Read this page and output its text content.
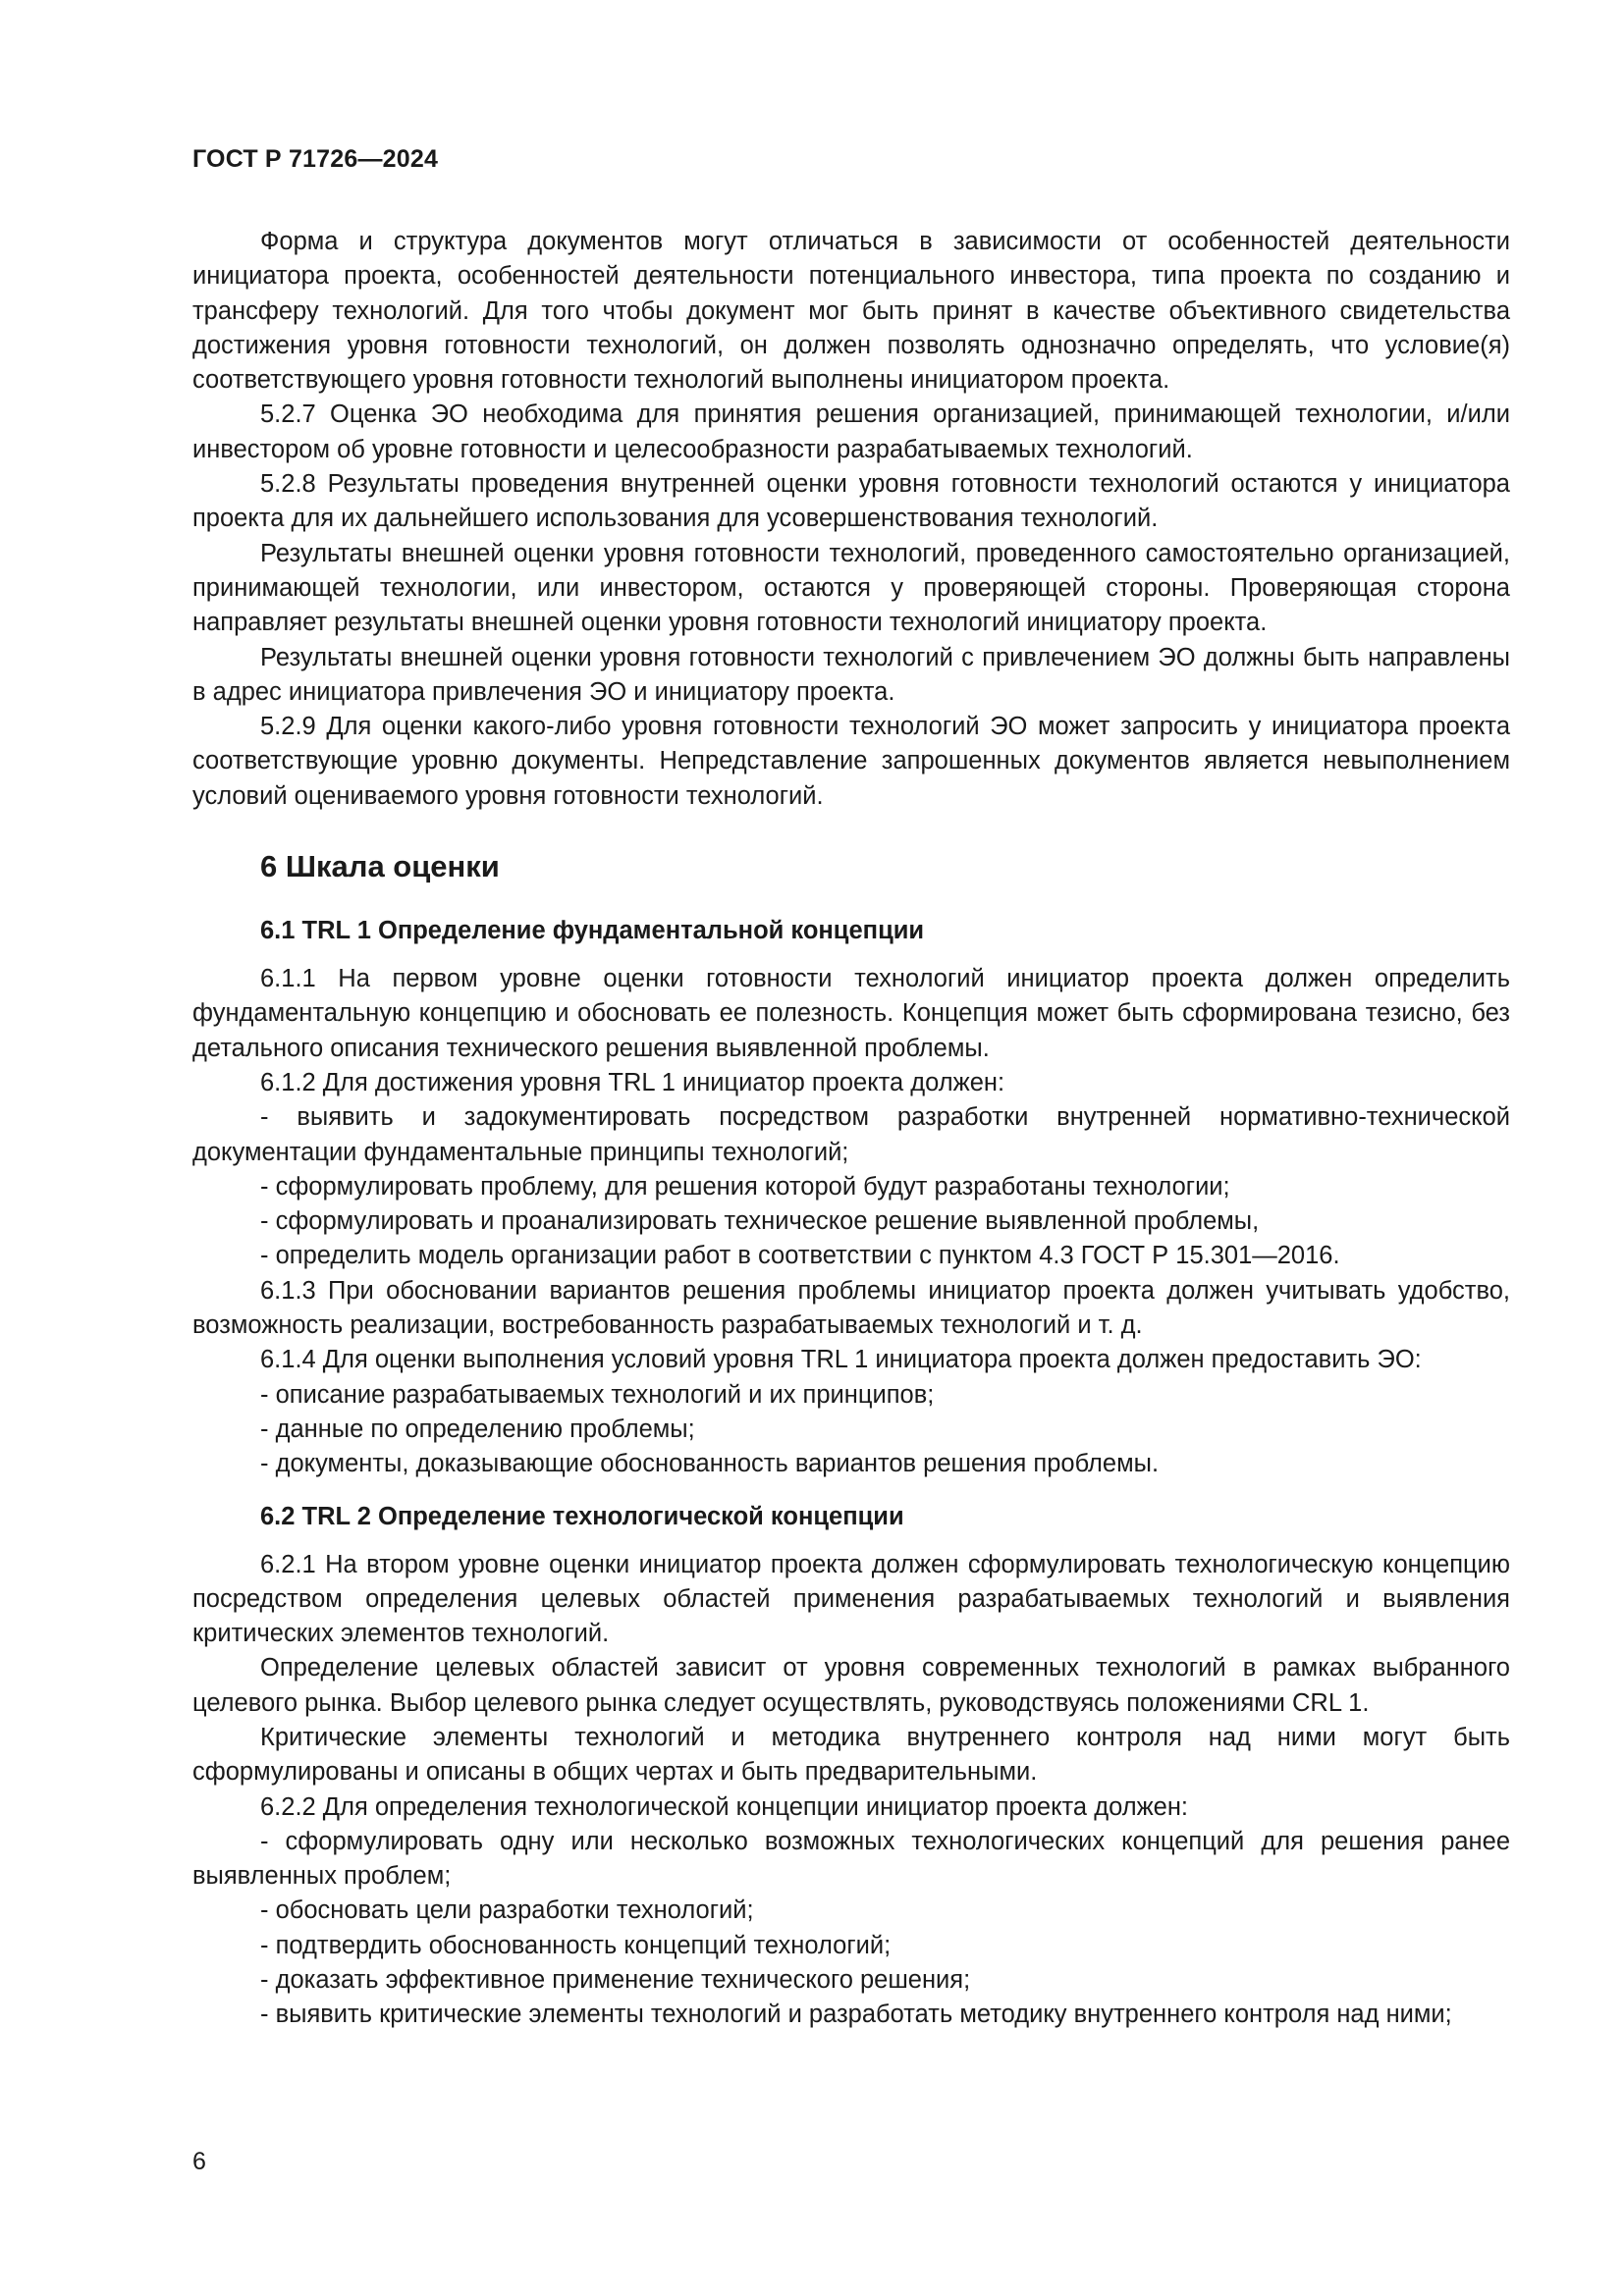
ГОСТ Р 71726—2024

Форма и структура документов могут отличаться в зависимости от особенностей деятельности инициатора проекта, особенностей деятельности потенциального инвестора, типа проекта по созданию и трансферу технологий. Для того чтобы документ мог быть принят в качестве объективного свидетельства достижения уровня готовности технологий, он должен позволять однозначно определять, что условие(я) соответствующего уровня готовности технологий выполнены инициатором проекта.

5.2.7 Оценка ЭО необходима для принятия решения организацией, принимающей технологии, и/или инвестором об уровне готовности и целесообразности разрабатываемых технологий.

5.2.8 Результаты проведения внутренней оценки уровня готовности технологий остаются у инициатора проекта для их дальнейшего использования для усовершенствования технологий.

Результаты внешней оценки уровня готовности технологий, проведенного самостоятельно организацией, принимающей технологии, или инвестором, остаются у проверяющей стороны. Проверяющая сторона направляет результаты внешней оценки уровня готовности технологий инициатору проекта.

Результаты внешней оценки уровня готовности технологий с привлечением ЭО должны быть направлены в адрес инициатора привлечения ЭО и инициатору проекта.

5.2.9 Для оценки какого-либо уровня готовности технологий ЭО может запросить у инициатора проекта соответствующие уровню документы. Непредставление запрошенных документов является невыполнением условий оцениваемого уровня готовности технологий.

6 Шкала оценки
6.1 TRL 1 Определение фундаментальной концепции

6.1.1 На первом уровне оценки готовности технологий инициатор проекта должен определить фундаментальную концепцию и обосновать ее полезность. Концепция может быть сформирована тезисно, без детального описания технического решения выявленной проблемы.

6.1.2 Для достижения уровня TRL 1 инициатор проекта должен:

- выявить и задокументировать посредством разработки внутренней нормативно-технической документации фундаментальные принципы технологий;

- сформулировать проблему, для решения которой будут разработаны технологии;

- сформулировать и проанализировать техническое решение выявленной проблемы,

- определить модель организации работ в соответствии с пунктом 4.3 ГОСТ Р 15.301—2016.

6.1.3 При обосновании вариантов решения проблемы инициатор проекта должен учитывать удобство, возможность реализации, востребованность разрабатываемых технологий и т. д.

6.1.4 Для оценки выполнения условий уровня TRL 1 инициатора проекта должен предоставить ЭО:

- описание разрабатываемых технологий и их принципов;

- данные по определению проблемы;

- документы, доказывающие обоснованность вариантов решения проблемы.

6.2 TRL 2 Определение технологической концепции

6.2.1 На втором уровне оценки инициатор проекта должен сформулировать технологическую концепцию посредством определения целевых областей применения разрабатываемых технологий и выявления критических элементов технологий.

Определение целевых областей зависит от уровня современных технологий в рамках выбранного целевого рынка. Выбор целевого рынка следует осуществлять, руководствуясь положениями CRL 1.

Критические элементы технологий и методика внутреннего контроля над ними могут быть сформулированы и описаны в общих чертах и быть предварительными.

6.2.2 Для определения технологической концепции инициатор проекта должен:

- сформулировать одну или несколько возможных технологических концепций для решения ранее выявленных проблем;

- обосновать цели разработки технологий;

- подтвердить обоснованность концепций технологий;

- доказать эффективное применение технического решения;

- выявить критические элементы технологий и разработать методику внутреннего контроля над ними;

6
